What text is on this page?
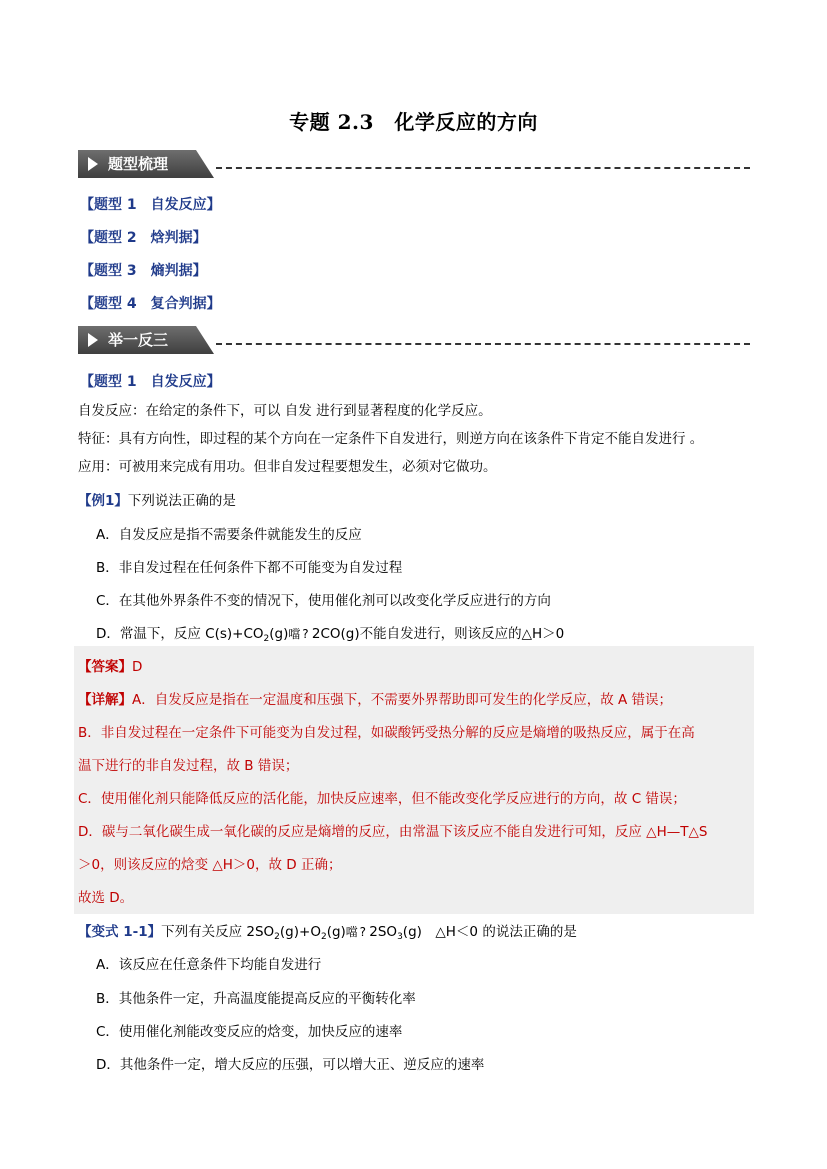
专题 2.3　化学反应的方向
题型梳理
【题型 1　自发反应】
【题型 2　焓判据】
【题型 3　熵判据】
【题型 4　复合判据】
举一反三
【题型 1　自发反应】
自发反应：在给定的条件下，可以 自发 进行到显著程度的化学反应。
特征：具有方向性，即过程的某个方向在一定条件下自发进行，则逆方向在该条件下肯定不能自发进行 。
应用：可被用来完成有用功。但非自发过程要想发生，必须对它做功。
【例1】下列说法正确的是
A．自发反应是指不需要条件就能发生的反应
B．非自发过程在任何条件下都不可能变为自发过程
C．在其他外界条件不变的情况下，使用催化剂可以改变化学反应进行的方向
D．常温下，反应 $C(s)+CO_2(g)$噹 ? 2CO(g)不能自发进行，则该反应的△H＞0
【答案】D
【详解】A．自发反应是指在一定温度和压强下，不需要外界帮助即可发生的化学反应，故 A 错误；
B．非自发过程在一定条件下可能变为自发过程，如碳酸钙受热分解的反应是熵增的吸热反应，属于在高
温下进行的非自发过程，故 B 错误；
C．使用催化剂只能降低反应的活化能，加快反应速率，但不能改变化学反应进行的方向，故 C 错误；
D．碳与二氧化碳生成一氧化碳的反应是熵增的反应，由常温下该反应不能自发进行可知，反应 △H—T△S
＞0，则该反应的焓变 △H＞0，故 D 正确；
故选 D。
【变式 1-1】下列有关反应 $2SO_2(g)+O_2(g)$噹 ? $2SO_3(g)$　△H＜0 的说法正确的是
A．该反应在任意条件下均能自发进行
B．其他条件一定，升高温度能提高反应的平衡转化率
C．使用催化剂能改变反应的焓变，加快反应的速率
D．其他条件一定，增大反应的压强，可以增大正、逆反应的速率
